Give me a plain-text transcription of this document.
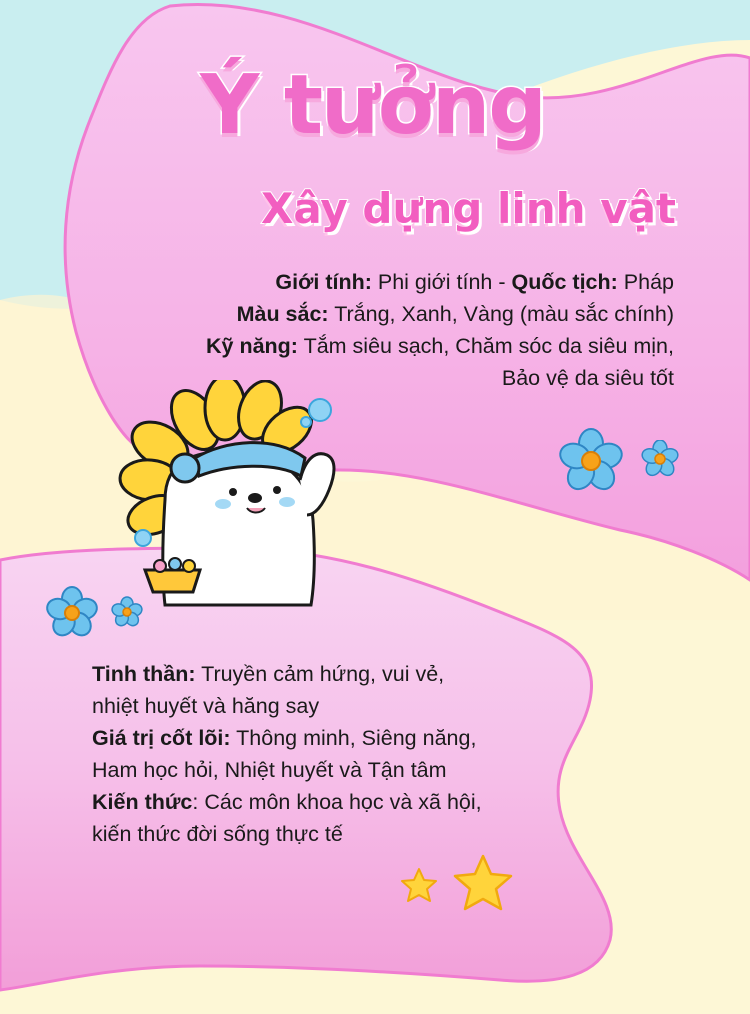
Ý tưởng
Xây dựng linh vật
Giới tính: Phi giới tính - Quốc tịch: Pháp
Màu sắc: Trắng, Xanh, Vàng (màu sắc chính)
Kỹ năng: Tắm siêu sạch, Chăm sóc da siêu mịn,
Bảo vệ da siêu tốt
Tinh thần: Truyền cảm hứng, vui vẻ,
nhiệt huyết và hăng say
Giá trị cốt lõi: Thông minh, Siêng năng,
Ham học hỏi, Nhiệt huyết và Tận tâm
Kiến thức: Các môn khoa học và xã hội,
kiến thức đời sống thực tế
